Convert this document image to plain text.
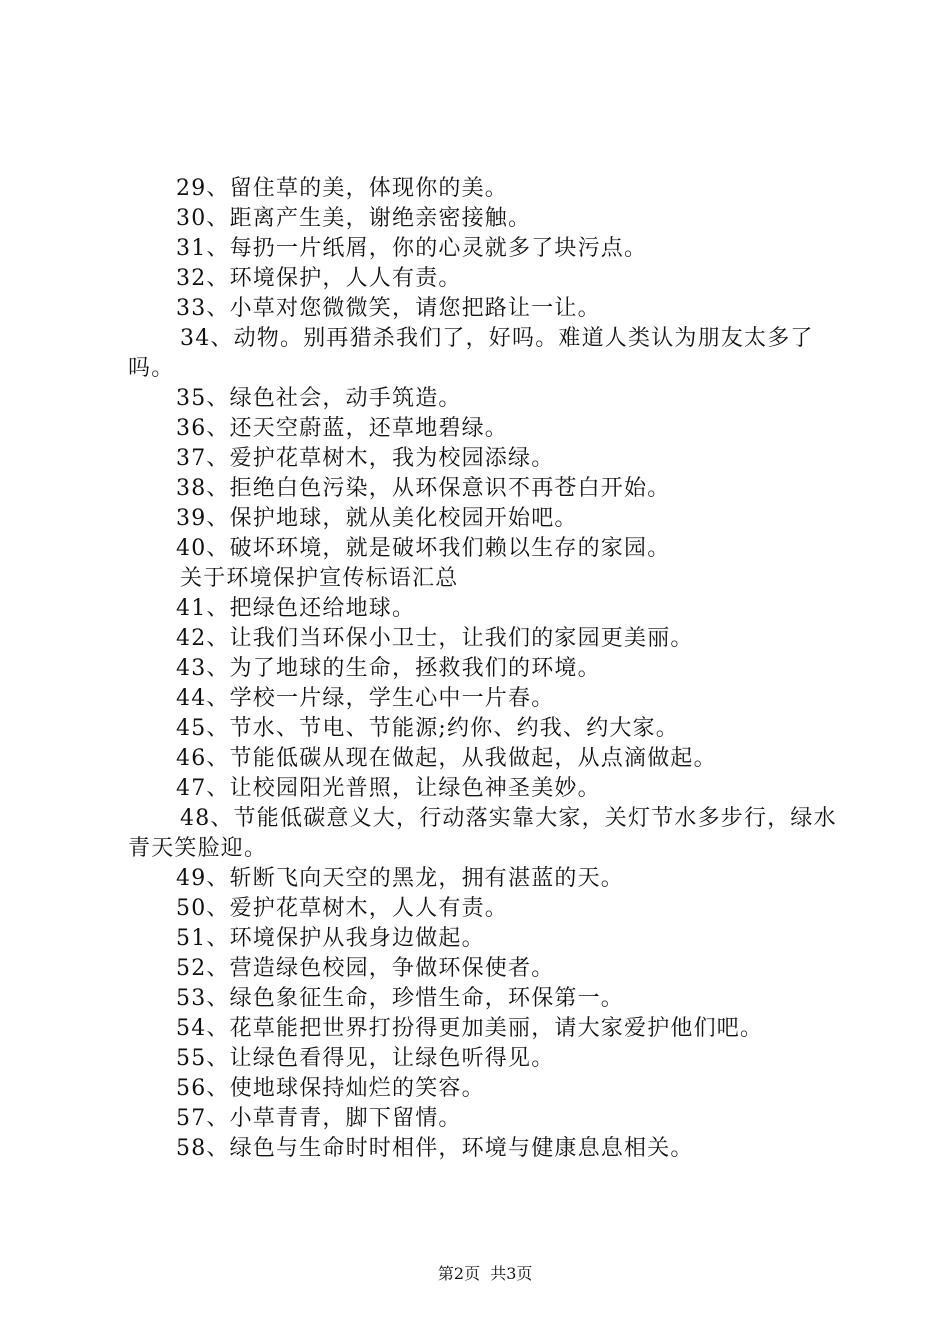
29、留住草的美，体现你的美。

30、距离产生美，谢绝亲密接触。

31、每扔一片纸屑，你的心灵就多了块污点。

32、环境保护，人人有责。

33、小草对您微微笑，请您把路让一让。

34、动物。别再猎杀我们了，好吗。难道人类认为朋友太多了吗。

35、绿色社会，动手筑造。

36、还天空蔚蓝，还草地碧绿。

37、爱护花草树木，我为校园添绿。

38、拒绝白色污染，从环保意识不再苍白开始。

39、保护地球，就从美化校园开始吧。

40、破坏环境，就是破坏我们赖以生存的家园。

关于环境保护宣传标语汇总

41、把绿色还给地球。

42、让我们当环保小卫士，让我们的家园更美丽。

43、为了地球的生命，拯救我们的环境。

44、学校一片绿，学生心中一片春。

45、节水、节电、节能源;约你、约我、约大家。

46、节能低碳从现在做起，从我做起，从点滴做起。

47、让校园阳光普照，让绿色神圣美妙。

48、节能低碳意义大，行动落实靠大家，关灯节水多步行，绿水青天笑脸迎。

49、斩断飞向天空的黑龙，拥有湛蓝的天。

50、爱护花草树木，人人有责。

51、环境保护从我身边做起。

52、营造绿色校园，争做环保使者。

53、绿色象征生命，珍惜生命，环保第一。

54、花草能把世界打扮得更加美丽，请大家爱护他们吧。

55、让绿色看得见，让绿色听得见。

56、使地球保持灿烂的笑容。

57、小草青青，脚下留情。

58、绿色与生命时时相伴，环境与健康息息相关。

第2页  共3页
